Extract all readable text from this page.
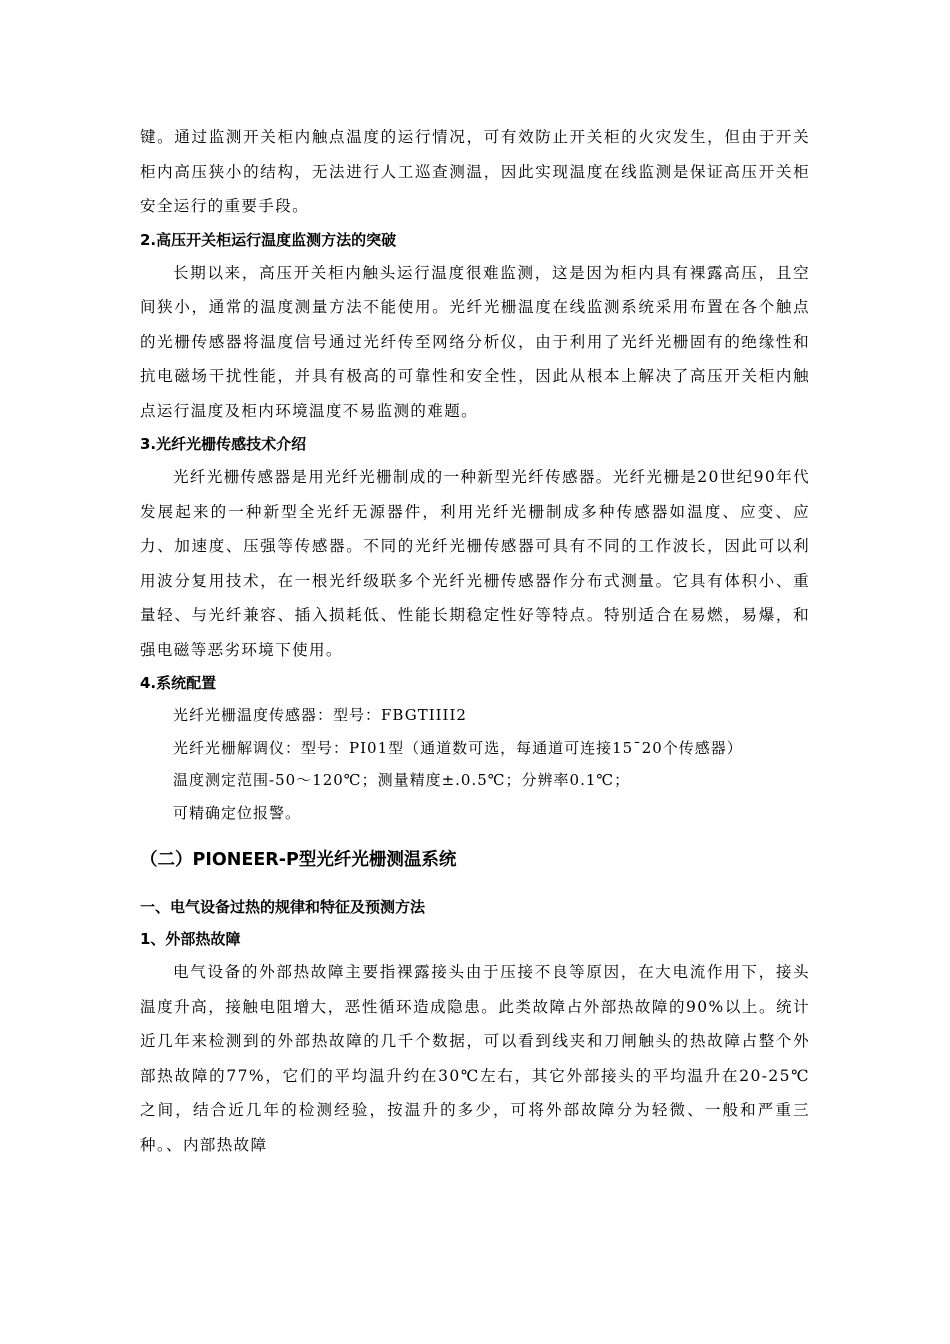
键。通过监测开关柜内触点温度的运行情况，可有效防止开关柜的火灾发生，但由于开关柜内高压狭小的结构，无法进行人工巡查测温，因此实现温度在线监测是保证高压开关柜安全运行的重要手段。

2.高压开关柜运行温度监测方法的突破

长期以来，高压开关柜内触头运行温度很难监测，这是因为柜内具有裸露高压，且空间狭小，通常的温度测量方法不能使用。光纤光栅温度在线监测系统采用布置在各个触点的光栅传感器将温度信号通过光纤传至网络分析仪，由于利用了光纤光栅固有的绝缘性和抗电磁场干扰性能，并具有极高的可靠性和安全性，因此从根本上解决了高压开关柜内触点运行温度及柜内环境温度不易监测的难题。

3.光纤光栅传感技术介绍

光纤光栅传感器是用光纤光栅制成的一种新型光纤传感器。光纤光栅是20世纪90年代发展起来的一种新型全光纤无源器件，利用光纤光栅制成多种传感器如温度、应变、应力、加速度、压强等传感器。不同的光纤光栅传感器可具有不同的工作波长，因此可以利用波分复用技术，在一根光纤级联多个光纤光栅传感器作分布式测量。它具有体积小、重量轻、与光纤兼容、插入损耗低、性能长期稳定性好等特点。特别适合在易燃，易爆，和强电磁等恶劣环境下使用。

4.系统配置

光纤光栅温度传感器：型号：FBGTIIII2

光纤光栅解调仪：型号：PI01型（通道数可选，每通道可连接15¯20个传感器）

温度测定范围-50～120℃；测量精度±.0.5℃；分辨率0.1℃；

可精确定位报警。

（二）PIONEER-P型光纤光栅测温系统

一、电气设备过热的规律和特征及预测方法

1、外部热故障

电气设备的外部热故障主要指裸露接头由于压接不良等原因，在大电流作用下，接头温度升高，接触电阻增大，恶性循环造成隐患。此类故障占外部热故障的90%以上。统计近几年来检测到的外部热故障的几千个数据，可以看到线夹和刀闸触头的热故障占整个外部热故障的77%，它们的平均温升约在30℃左右，其它外部接头的平均温升在20-25℃之间，结合近几年的检测经验，按温升的多少，可将外部故障分为轻微、一般和严重三种。、内部热故障
